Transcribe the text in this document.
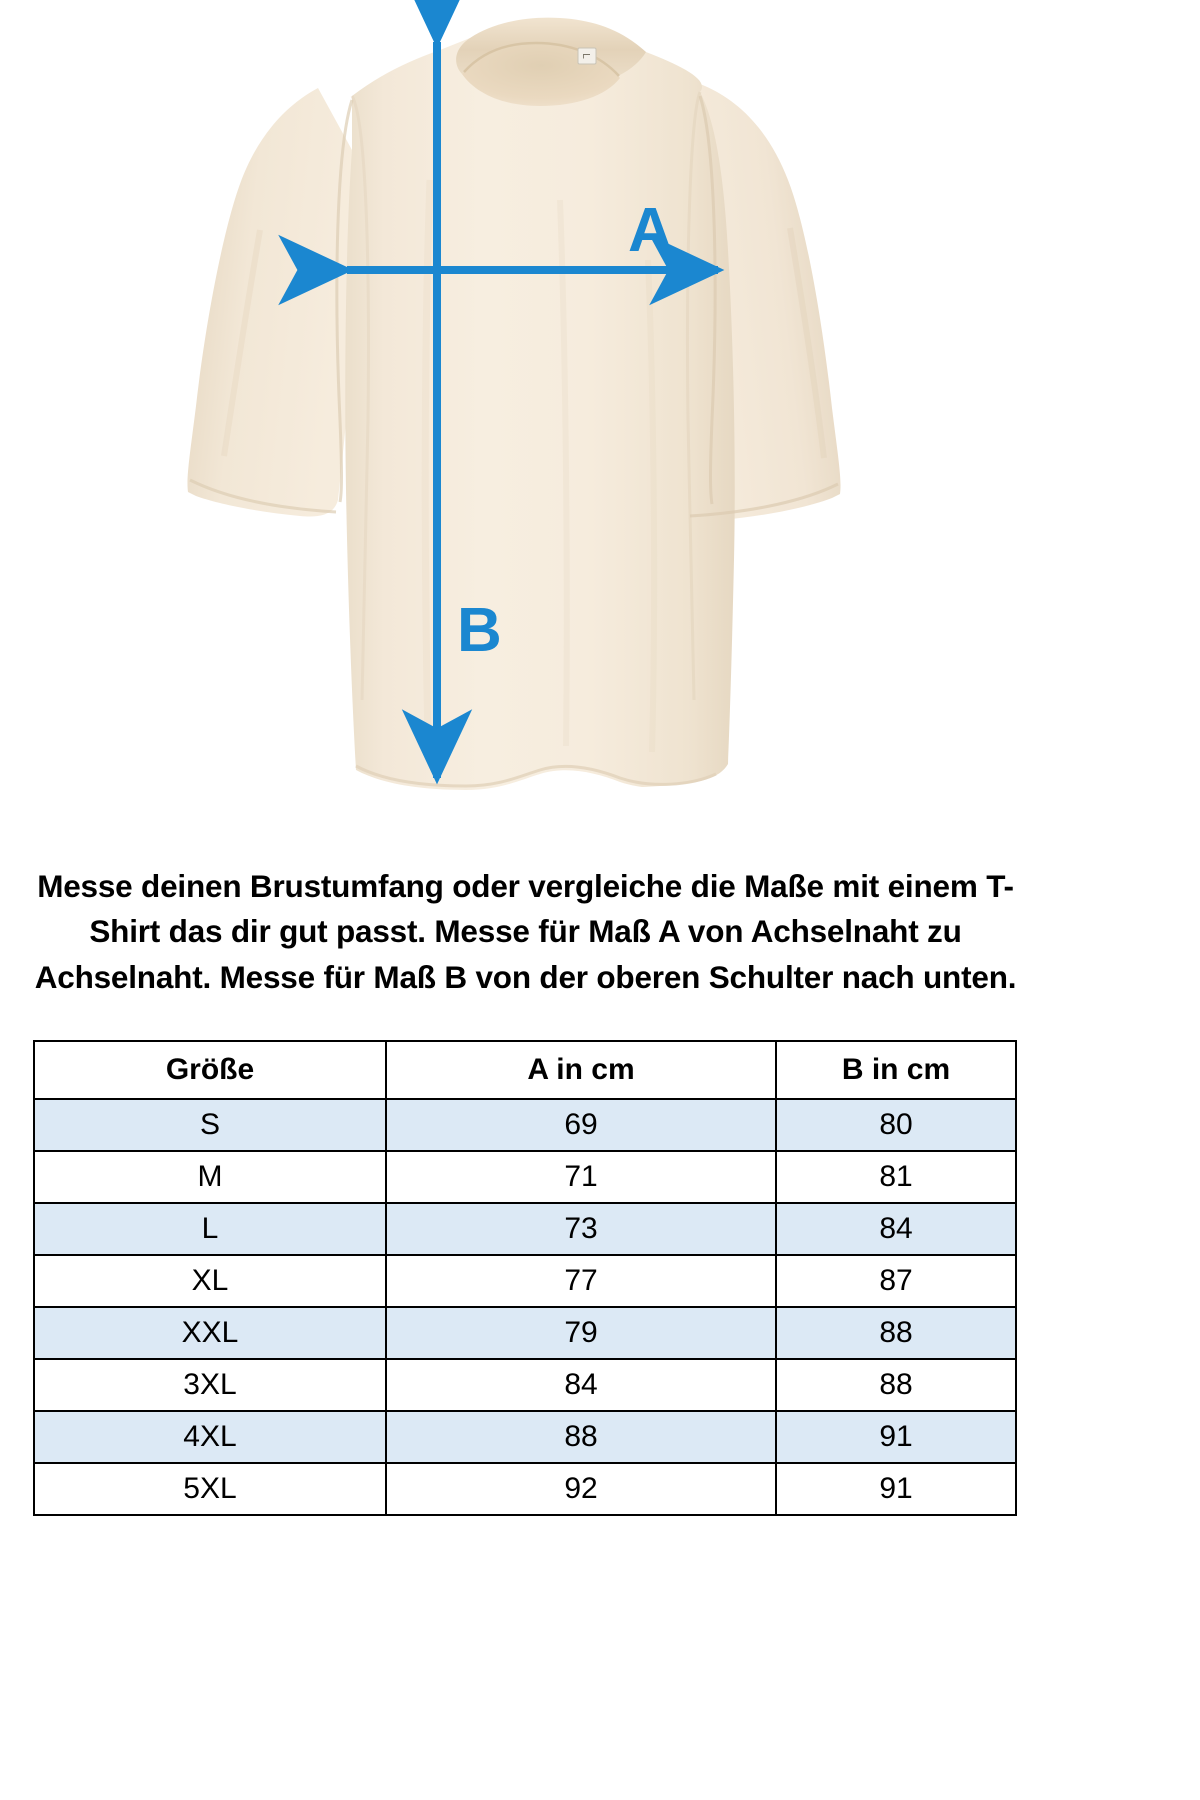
L
A
B

Messe deinen Brustumfang oder vergleiche die Maße mit einem T-Shirt das dir gut passt. Messe für Maß A von Achselnaht zu Achselnaht. Messe für Maß B von der oberen Schulter nach unten.

Größe	A in cm	B in cm
S	69	80
M	71	81
L	73	84
XL	77	87
XXL	79	88
3XL	84	88
4XL	88	91
5XL	92	91
